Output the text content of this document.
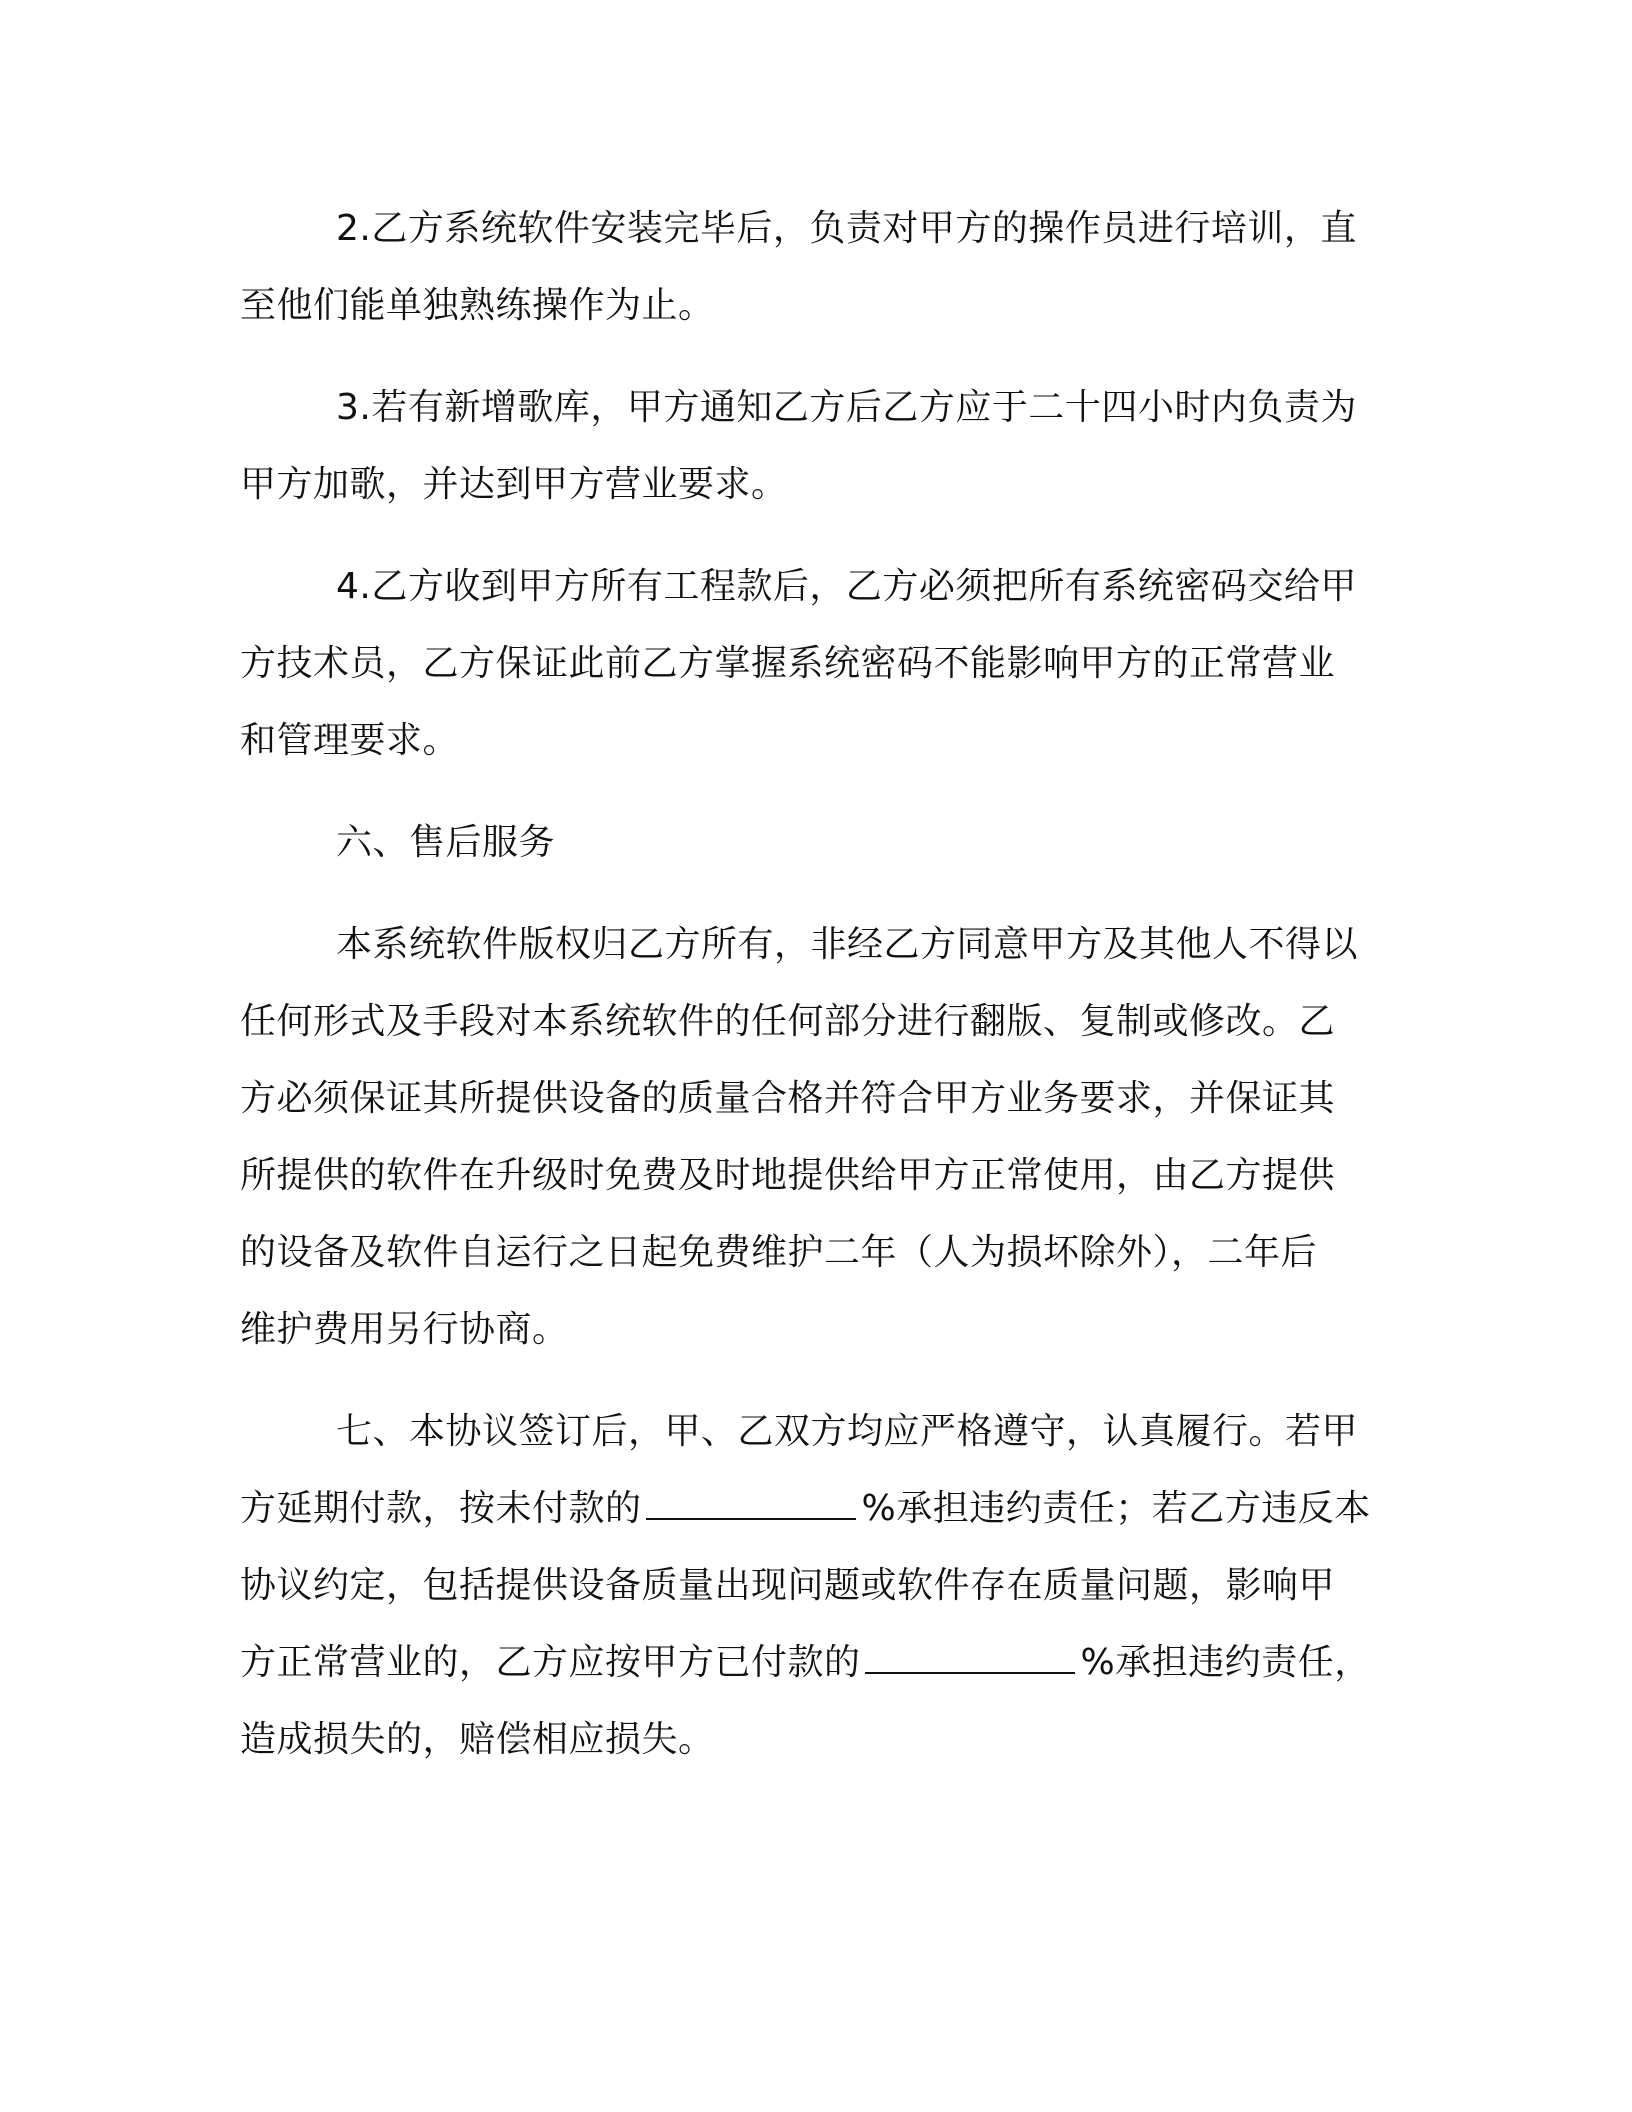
2.乙方系统软件安装完毕后，负责对甲方的操作员进行培训，直
至他们能单独熟练操作为止。

3.若有新增歌库，甲方通知乙方后乙方应于二十四小时内负责为
甲方加歌，并达到甲方营业要求。

4.乙方收到甲方所有工程款后，乙方必须把所有系统密码交给甲
方技术员，乙方保证此前乙方掌握系统密码不能影响甲方的正常营业
和管理要求。

六、售后服务

本系统软件版权归乙方所有，非经乙方同意甲方及其他人不得以
任何形式及手段对本系统软件的任何部分进行翻版、复制或修改。乙
方必须保证其所提供设备的质量合格并符合甲方业务要求，并保证其
所提供的软件在升级时免费及时地提供给甲方正常使用，由乙方提供
的设备及软件自运行之日起免费维护二年（人为损坏除外），二年后
维护费用另行协商。

七、本协议签订后，甲、乙双方均应严格遵守，认真履行。若甲
方延期付款，按未付款的	%承担违约责任；若乙方违反本
协议约定，包括提供设备质量出现问题或软件存在质量问题，影响甲
方正常营业的，乙方应按甲方已付款的	%承担违约责任，
造成损失的，赔偿相应损失。
